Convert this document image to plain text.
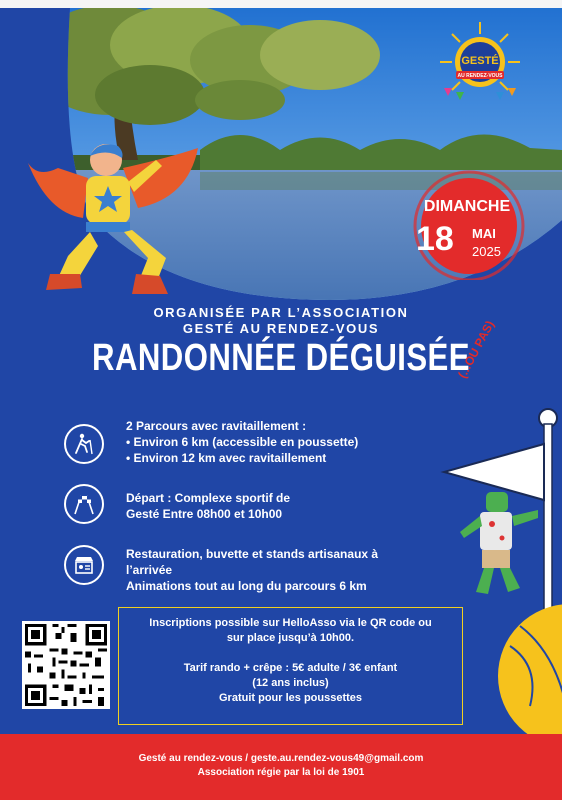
GESTÉ
AU RENDEZ-VOUS
DIMANCHE
18 MAI
2025
ORGANISÉE PAR L’ASSOCIATION
GESTÉ AU RENDEZ-VOUS
RANDONNÉE DÉGUISÉE
(...OU PAS)

2 Parcours avec ravitaillement :

• Environ 6 km (accessible en poussette)

• Environ 12 km avec ravitaillement

Départ : Complexe sportif de

Gesté Entre 08h00 et 10h00

Restauration, buvette et stands artisanaux à

l’arrivée

Animations tout au long du parcours 6 km

Inscriptions possible sur HelloAsso via le QR code ou

sur place jusqu’à 10h00.

Tarif rando + crêpe : 5€ adulte / 3€ enfant

(12 ans inclus)

Gratuit pour les poussettes

Gesté au rendez-vous / geste.au.rendez-vous49@gmail.com
Association régie par la loi de 1901
